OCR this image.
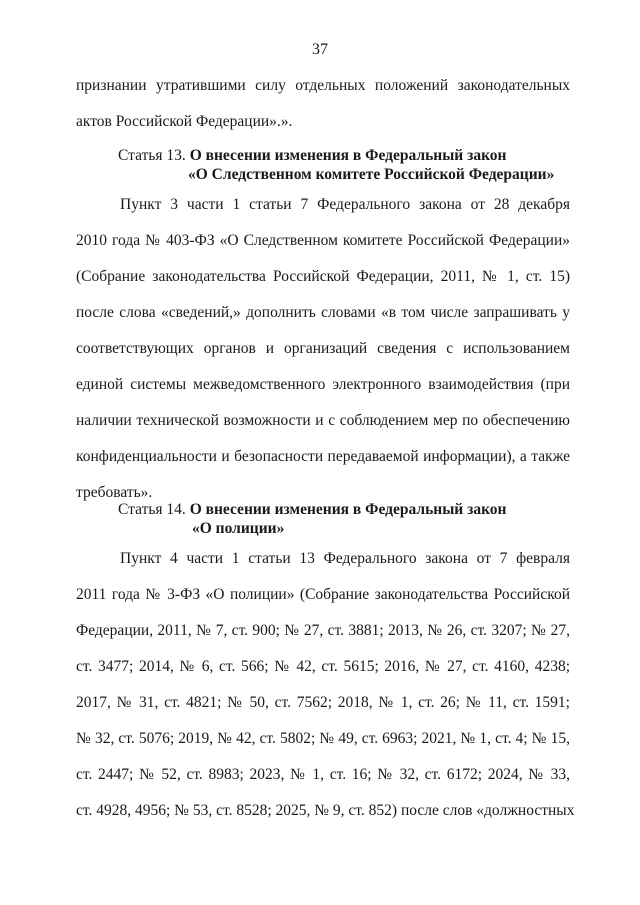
37
признании утратившими силу отдельных положений законодательных
актов Российской Федерации».».
Статья 13. О внесении изменения в Федеральный закон
«О Следственном комитете Российской Федерации»
Пункт 3 части 1 статьи 7 Федерального закона от 28 декабря
2010 года № 403-ФЗ «О Следственном комитете Российской Федерации»
(Собрание законодательства Российской Федерации, 2011, № 1, ст. 15)
после слова «сведений,» дополнить словами «в том числе запрашивать у
соответствующих органов и организаций сведения с использованием
единой системы межведомственного электронного взаимодействия (при
наличии технической возможности и с соблюдением мер по обеспечению
конфиденциальности и безопасности передаваемой информации), а также
требовать».
Статья 14. О внесении изменения в Федеральный закон
«О полиции»
Пункт 4 части 1 статьи 13 Федерального закона от 7 февраля
2011 года № 3-ФЗ «О полиции» (Собрание законодательства Российской
Федерации, 2011, № 7, ст. 900; № 27, ст. 3881; 2013, № 26, ст. 3207; № 27,
ст. 3477; 2014, № 6, ст. 566; № 42, ст. 5615; 2016, № 27, ст. 4160, 4238;
2017, № 31, ст. 4821; № 50, ст. 7562; 2018, № 1, ст. 26; № 11, ст. 1591;
№ 32, ст. 5076; 2019, № 42, ст. 5802; № 49, ст. 6963; 2021, № 1, ст. 4; № 15,
ст. 2447; № 52, ст. 8983; 2023, № 1, ст. 16; № 32, ст. 6172; 2024, № 33,
ст. 4928, 4956; № 53, ст. 8528; 2025, № 9, ст. 852) после слов «должностных
